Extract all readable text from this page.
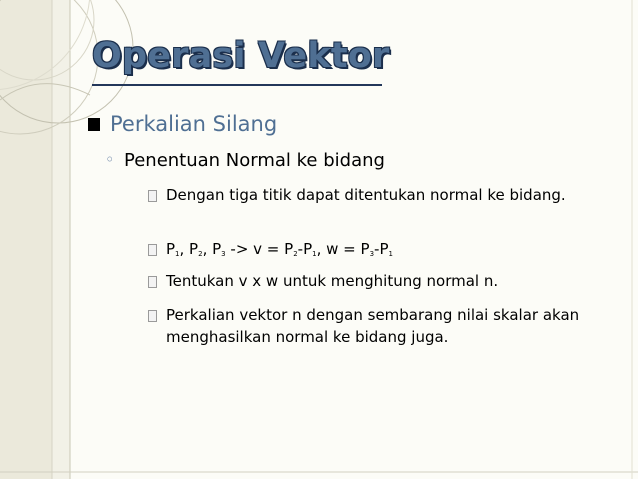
Operasi Vektor
Perkalian Silang
◦ Penentuan Normal ke bidang
Dengan tiga titik dapat ditentukan normal ke bidang.
$P_1$, $P_2$, $P_3 -> v = P_2-P_1$, $w = P_3-P_1$
Tentukan v x w untuk menghitung normal n.
Perkalian vektor n dengan sembarang nilai skalar akan menghasilkan normal ke bidang juga.
